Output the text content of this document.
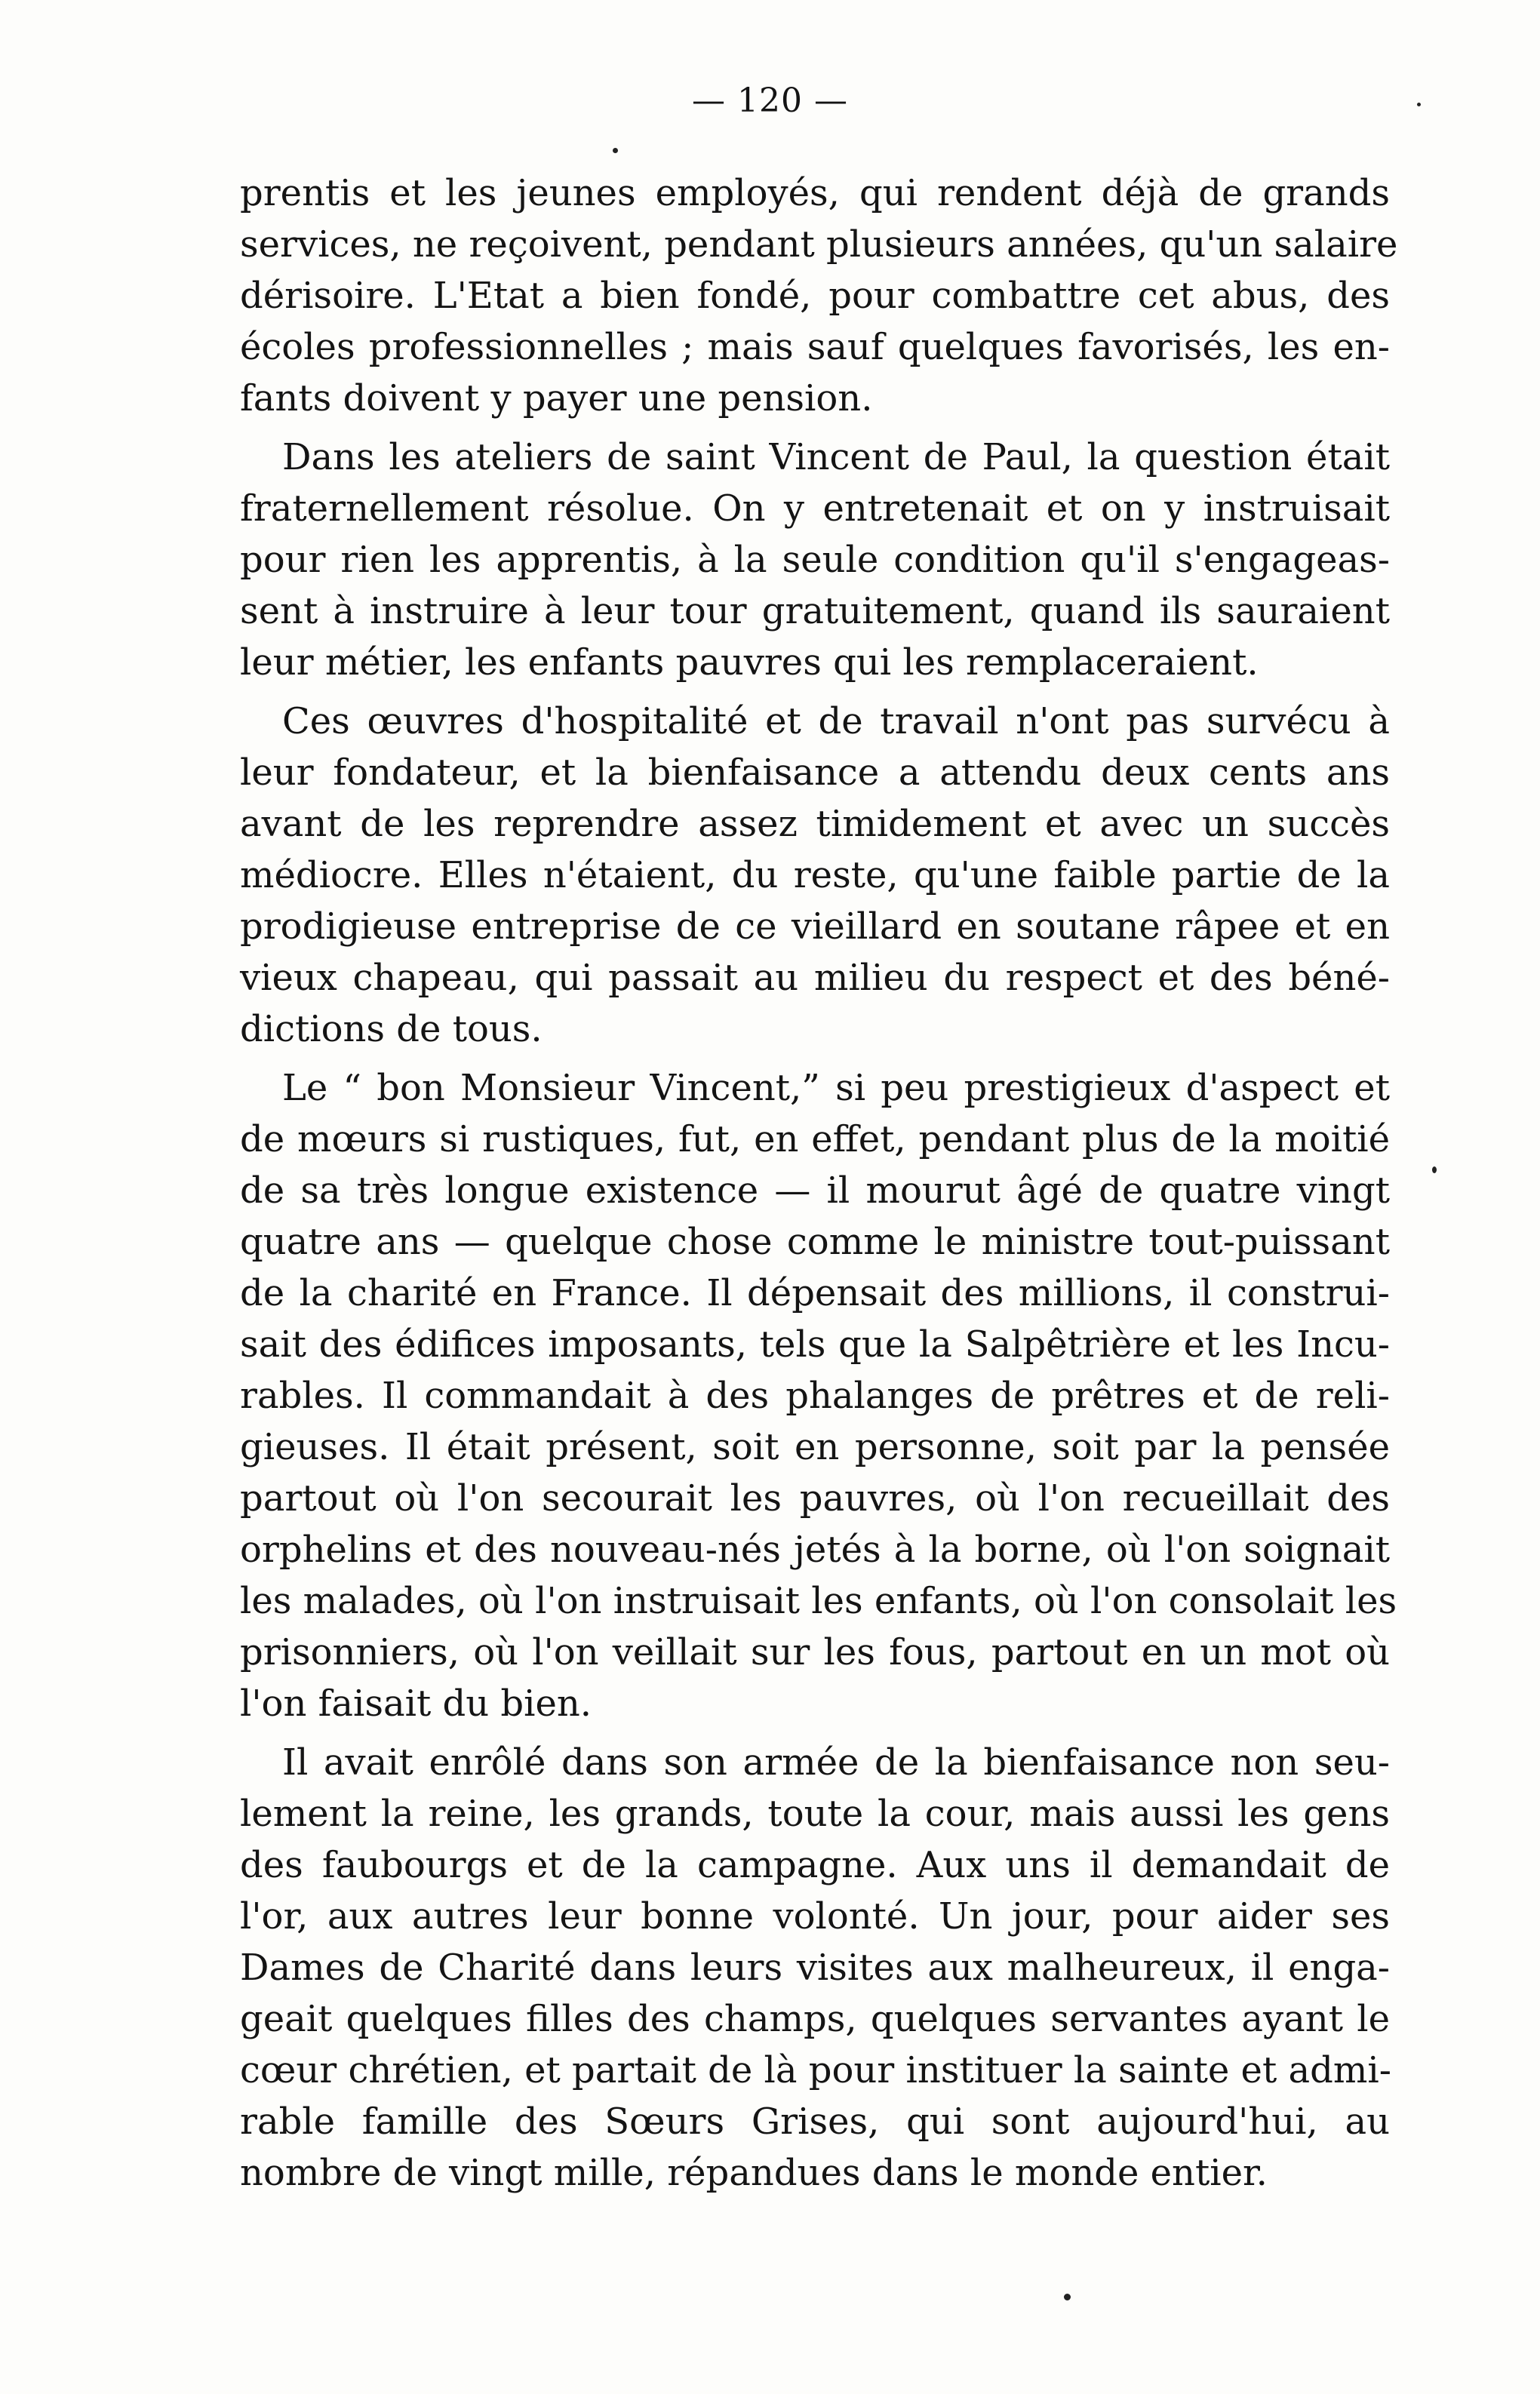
— 120 —
prentis et les jeunes employés, qui rendent déjà de grands
services, ne reçoivent, pendant plusieurs années, qu'un salaire
dérisoire. L'Etat a bien fondé, pour combattre cet abus, des
écoles professionnelles ; mais sauf quelques favorisés, les en-
fants doivent y payer une pension.
Dans les ateliers de saint Vincent de Paul, la question était
fraternellement résolue. On y entretenait et on y instruisait
pour rien les apprentis, à la seule condition qu'il s'engageas-
sent à instruire à leur tour gratuitement, quand ils sauraient
leur métier, les enfants pauvres qui les remplaceraient.
Ces œuvres d'hospitalité et de travail n'ont pas survécu à
leur fondateur, et la bienfaisance a attendu deux cents ans
avant de les reprendre assez timidement et avec un succès
médiocre. Elles n'étaient, du reste, qu'une faible partie de la
prodigieuse entreprise de ce vieillard en soutane râpee et en
vieux chapeau, qui passait au milieu du respect et des béné-
dictions de tous.
Le “ bon Monsieur Vincent,” si peu prestigieux d'aspect et
de mœurs si rustiques, fut, en effet, pendant plus de la moitié
de sa très longue existence — il mourut âgé de quatre vingt
quatre ans — quelque chose comme le ministre tout-puissant
de la charité en France. Il dépensait des millions, il construi-
sait des édifices imposants, tels que la Salpêtrière et les Incu-
rables. Il commandait à des phalanges de prêtres et de reli-
gieuses. Il était présent, soit en personne, soit par la pensée
partout où l'on secourait les pauvres, où l'on recueillait des
orphelins et des nouveau-nés jetés à la borne, où l'on soignait
les malades, où l'on instruisait les enfants, où l'on consolait les
prisonniers, où l'on veillait sur les fous, partout en un mot où
l'on faisait du bien.
Il avait enrôlé dans son armée de la bienfaisance non seu-
lement la reine, les grands, toute la cour, mais aussi les gens
des faubourgs et de la campagne. Aux uns il demandait de
l'or, aux autres leur bonne volonté. Un jour, pour aider ses
Dames de Charité dans leurs visites aux malheureux, il enga-
geait quelques filles des champs, quelques servantes ayant le
cœur chrétien, et partait de là pour instituer la sainte et admi-
rable famille des Sœurs Grises, qui sont aujourd'hui, au
nombre de vingt mille, répandues dans le monde entier.
